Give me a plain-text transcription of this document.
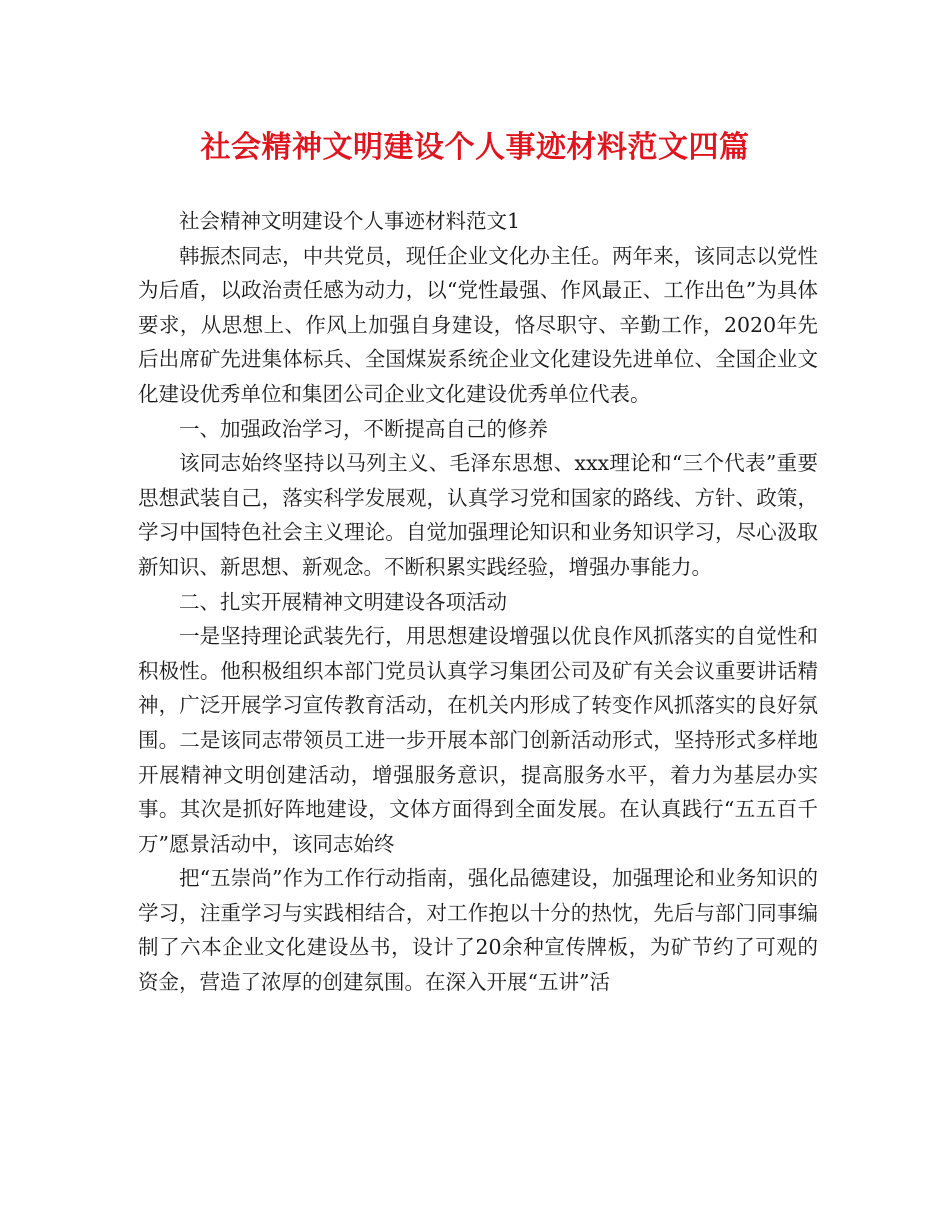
社会精神文明建设个人事迹材料范文四篇

社会精神文明建设个人事迹材料范文1

韩振杰同志，中共党员，现任企业文化办主任。两年来，该同志以党性为后盾，以政治责任感为动力，以“党性最强、作风最正、工作出色”为具体要求，从思想上、作风上加强自身建设，恪尽职守、辛勤工作，2020年先后出席矿先进集体标兵、全国煤炭系统企业文化建设先进单位、全国企业文化建设优秀单位和集团公司企业文化建设优秀单位代表。

一、加强政治学习，不断提高自己的修养

该同志始终坚持以马列主义、毛泽东思想、xxx理论和“三个代表”重要思想武装自己，落实科学发展观，认真学习党和国家的路线、方针、政策，学习中国特色社会主义理论。自觉加强理论知识和业务知识学习，尽心汲取新知识、新思想、新观念。不断积累实践经验，增强办事能力。

二、扎实开展精神文明建设各项活动

一是坚持理论武装先行，用思想建设增强以优良作风抓落实的自觉性和积极性。他积极组织本部门党员认真学习集团公司及矿有关会议重要讲话精神，广泛开展学习宣传教育活动，在机关内形成了转变作风抓落实的良好氛围。二是该同志带领员工进一步开展本部门创新活动形式，坚持形式多样地开展精神文明创建活动，增强服务意识，提高服务水平，着力为基层办实事。其次是抓好阵地建设，文体方面得到全面发展。在认真践行“五五百千万”愿景活动中，该同志始终

把“五崇尚”作为工作行动指南，强化品德建设，加强理论和业务知识的学习，注重学习与实践相结合，对工作抱以十分的热忱，先后与部门同事编制了六本企业文化建设丛书，设计了20余种宣传牌板，为矿节约了可观的资金，营造了浓厚的创建氛围。在深入开展“五讲”活
